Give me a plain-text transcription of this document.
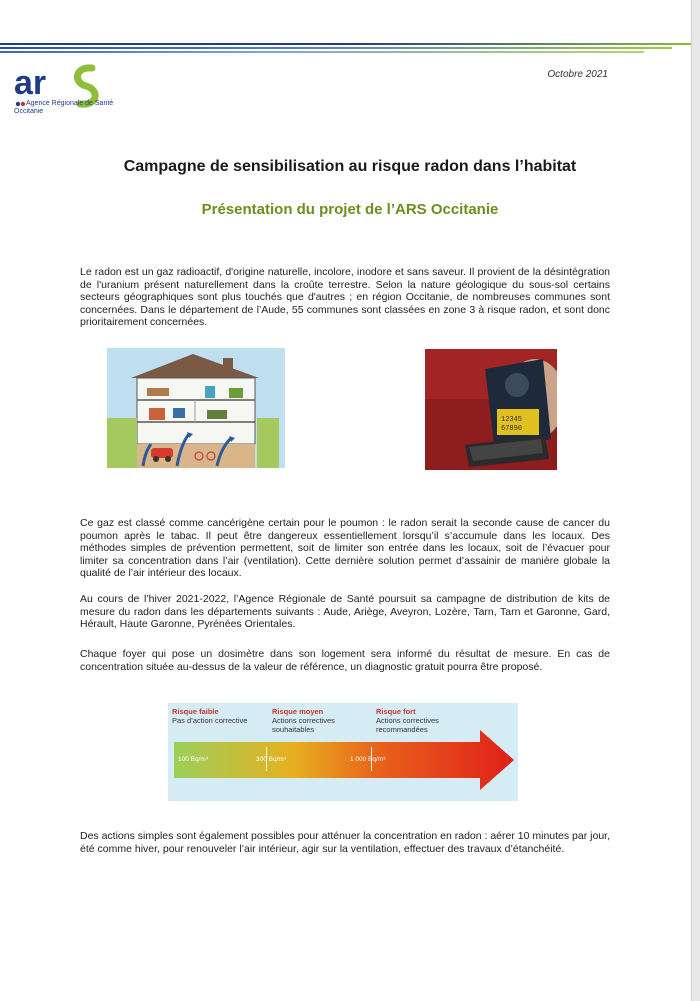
ar
Agence Régionale de Santé
Occitanie
Octobre 2021
Campagne de sensibilisation au risque radon dans l’habitat
Présentation du projet de l’ARS Occitanie

Le radon est un gaz radioactif, d'origine naturelle, incolore, inodore et sans saveur. Il provient de la désintégration de l'uranium présent naturellement dans la croûte terrestre. Selon la nature géologique du sous-sol certains secteurs géographiques sont plus touchés que d'autres ; en région Occitanie, de nombreuses communes sont concernées. Dans le département de l’Aude, 55 communes sont classées en zone 3 à risque radon, et sont donc prioritairement concernées.

12345
67890

Ce gaz est classé comme cancérigène certain pour le poumon : le radon serait la seconde cause de cancer du poumon après le tabac. Il peut être dangereux essentiellement lorsqu’il s’accumule dans les locaux. Des méthodes simples de prévention permettent, soit de limiter son entrée dans les locaux, soit de l’évacuer pour limiter sa concentration dans l’air (ventilation). Cette dernière solution permet d’assainir de manière globale la qualité de l’air intérieur des locaux.

Au cours de l’hiver 2021-2022, l’Agence Régionale de Santé poursuit sa campagne de distribution de kits de mesure du radon dans les départements suivants : Aude, Ariège, Aveyron, Lozère, Tarn, Tarn et Garonne, Gard, Hérault, Haute Garonne, Pyrénées Orientales.

Chaque foyer qui pose un dosimètre dans son logement sera informé du résultat de mesure. En cas de concentration située au-dessus de la valeur de référence, un diagnostic gratuit pourra être proposé.

Risque faible
Pas d’action corrective
Risque moyen
Actions correctives
souhaitables
Risque fort
Actions correctives
recommandées
100 Bq/m³	300 Bq/m³	1 000 Bq/m³

Des actions simples sont également possibles pour atténuer la concentration en radon : aérer 10 minutes par jour, été comme hiver, pour renouveler l’air intérieur, agir sur la ventilation, effectuer des travaux d’étanchéité.
